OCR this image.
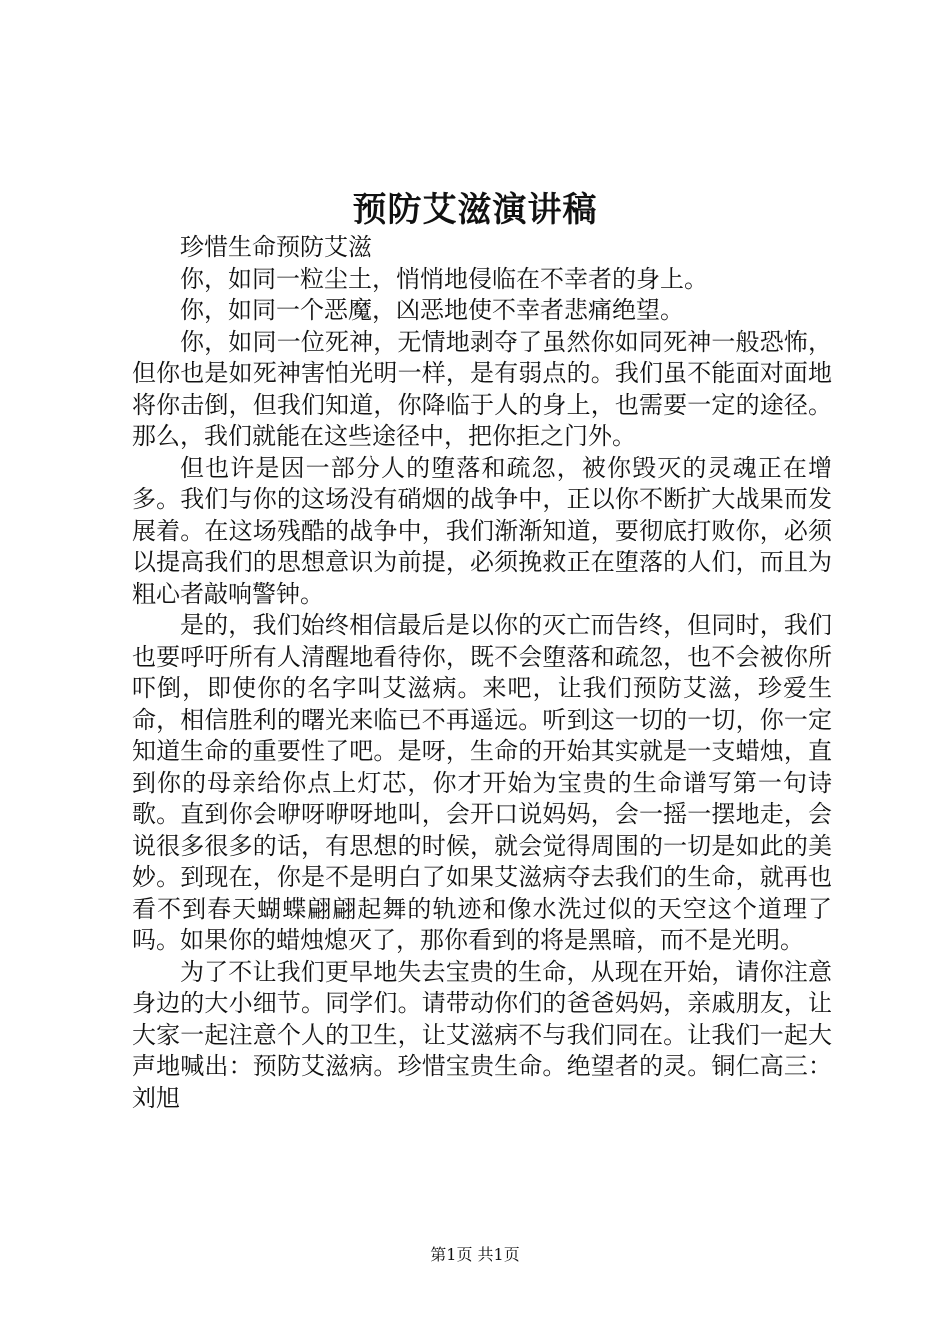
预防艾滋演讲稿

珍惜生命预防艾滋

你，如同一粒尘土，悄悄地侵临在不幸者的身上。

你，如同一个恶魔，凶恶地使不幸者悲痛绝望。

你，如同一位死神，无情地剥夺了虽然你如同死神一般恐怖，但你也是如死神害怕光明一样，是有弱点的。我们虽不能面对面地将你击倒，但我们知道，你降临于人的身上，也需要一定的途径。那么，我们就能在这些途径中，把你拒之门外。

但也许是因一部分人的堕落和疏忽，被你毁灭的灵魂正在增多。我们与你的这场没有硝烟的战争中，正以你不断扩大战果而发展着。在这场残酷的战争中，我们渐渐知道，要彻底打败你，必须以提高我们的思想意识为前提，必须挽救正在堕落的人们，而且为粗心者敲响警钟。

是的，我们始终相信最后是以你的灭亡而告终，但同时，我们也要呼吁所有人清醒地看待你，既不会堕落和疏忽，也不会被你所吓倒，即使你的名字叫艾滋病。来吧，让我们预防艾滋，珍爱生命，相信胜利的曙光来临已不再遥远。听到这一切的一切，你一定知道生命的重要性了吧。是呀，生命的开始其实就是一支蜡烛，直到你的母亲给你点上灯芯，你才开始为宝贵的生命谱写第一句诗歌。直到你会咿呀咿呀地叫，会开口说妈妈，会一摇一摆地走，会说很多很多的话，有思想的时候，就会觉得周围的一切是如此的美妙。到现在，你是不是明白了如果艾滋病夺去我们的生命，就再也看不到春天蝴蝶翩翩起舞的轨迹和像水洗过似的天空这个道理了吗。如果你的蜡烛熄灭了，那你看到的将是黑暗，而不是光明。

为了不让我们更早地失去宝贵的生命，从现在开始，请你注意身边的大小细节。同学们。请带动你们的爸爸妈妈，亲戚朋友，让大家一起注意个人的卫生，让艾滋病不与我们同在。让我们一起大声地喊出：预防艾滋病。珍惜宝贵生命。绝望者的灵。铜仁高三：刘旭

第1页 共1页
